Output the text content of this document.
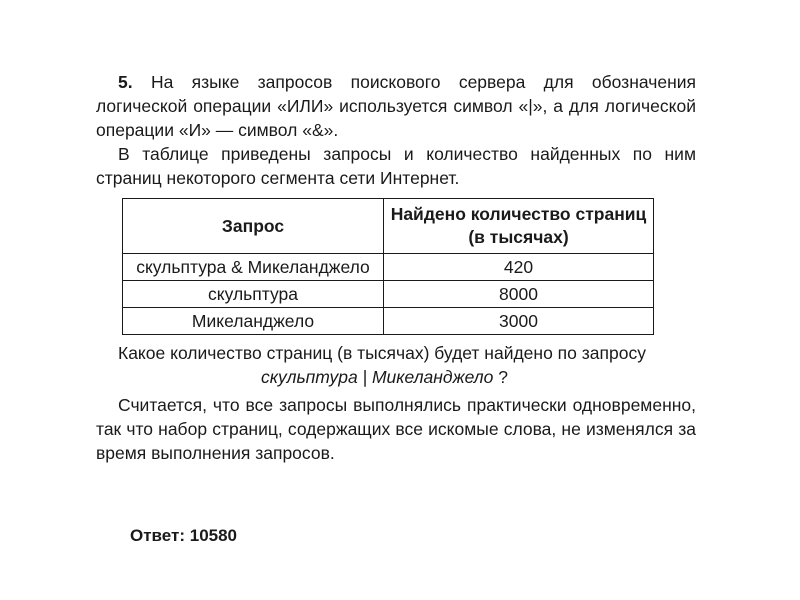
5. На языке запросов поискового сервера для обозначения логической операции «ИЛИ» используется символ «|», а для логической операции «И» — символ «&».

В таблице приведены запросы и количество найденных по ним страниц некоторого сегмента сети Интернет.

Запрос	Найдено количество страниц
(в тысячах)
скульптура & Микеланджело	420
скульптура	8000
Микеланджело	3000

Какое количество страниц (в тысячах) будет найдено по запросу

скульптура | Микеланджело ?

Считается, что все запросы выполнялись практически одновременно, так что набор страниц, содержащих все искомые слова, не изменялся за время выполнения запросов.

Ответ: 10580
